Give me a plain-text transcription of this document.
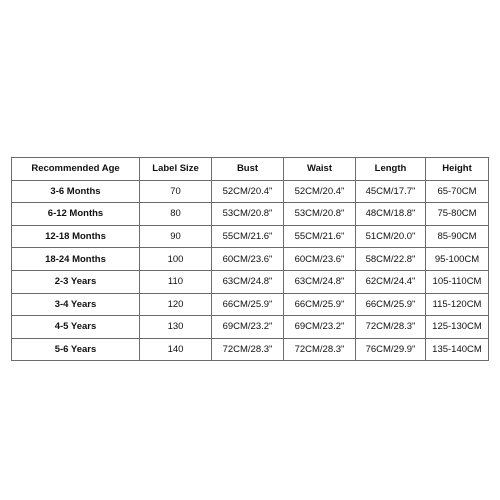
Recommended Age	Label Size	Bust	Waist	Length	Height
3-6 Months	70	52CM/20.4"	52CM/20.4"	45CM/17.7"	65-70CM
6-12 Months	80	53CM/20.8"	53CM/20.8"	48CM/18.8"	75-80CM
12-18 Months	90	55CM/21.6"	55CM/21.6"	51CM/20.0"	85-90CM
18-24 Months	100	60CM/23.6"	60CM/23.6"	58CM/22.8"	95-100CM
2-3 Years	110	63CM/24.8"	63CM/24.8"	62CM/24.4"	105-110CM
3-4 Years	120	66CM/25.9"	66CM/25.9"	66CM/25.9"	115-120CM
4-5 Years	130	69CM/23.2"	69CM/23.2"	72CM/28.3"	125-130CM
5-6 Years	140	72CM/28.3"	72CM/28.3"	76CM/29.9"	135-140CM
